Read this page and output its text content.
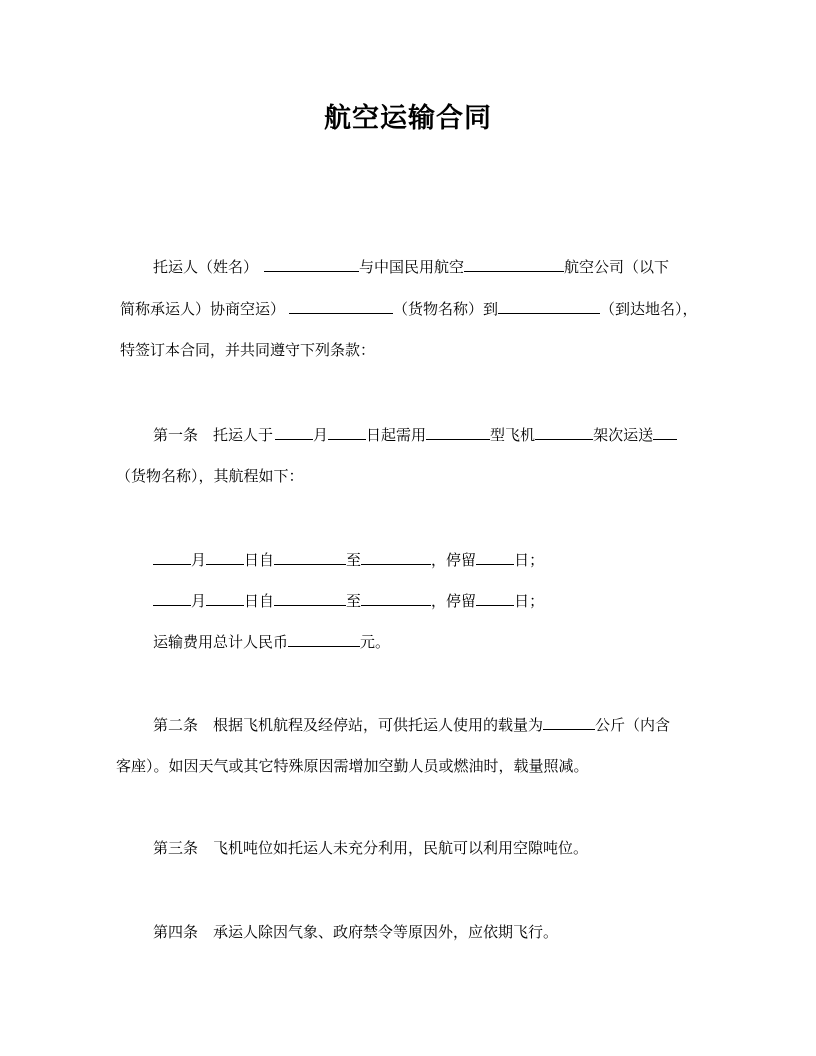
航空运输合同
托运人（姓名）	与中国民用航空	航空公司（以下
简称承运人）协商空运）	（货物名称）到	（到达地名），
特签订本合同，并共同遵守下列条款：
第一条　托运人于	月	日起需用	型飞机	架次运送
（货物名称），其航程如下：
月	日自	至	，停留	日；
月	日自	至	，停留	日；
运输费用总计人民币	元。
第二条　根据飞机航程及经停站，可供托运人使用的载量为	公斤（内含
客座）。如因天气或其它特殊原因需增加空勤人员或燃油时，载量照减。
第三条　飞机吨位如托运人未充分利用，民航可以利用空隙吨位。
第四条　承运人除因气象、政府禁令等原因外，应依期飞行。
